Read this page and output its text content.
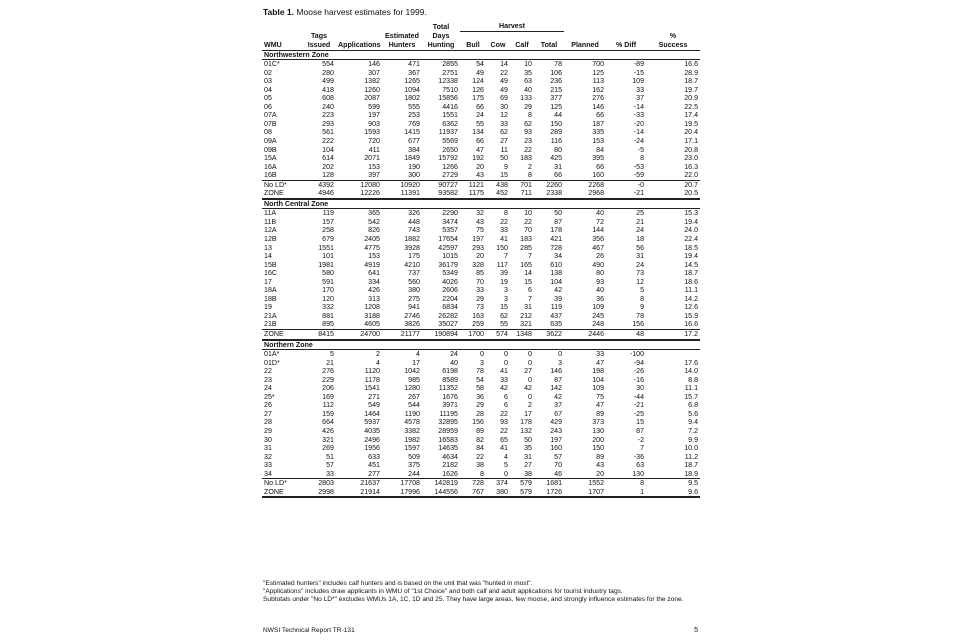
Table 1. Moose harvest estimates for 1999.
				Total	Harvest						
	Tags		Estimated	Days							%
WMU	Issued	Applications	Hunters	Hunting	Bull	Cow	Calf	Total	Planned	% Diff	Success
Northwestern Zone											
01C*	554	146	471	2855	54	14	10	78	700	-89	16.6
02	280	307	367	2751	49	22	35	106	125	-15	28.9
03	499	1382	1265	12338	124	49	63	236	113	109	18.7
04	418	1260	1094	7510	126	49	40	215	162	33	19.7
05	608	2087	1802	15856	175	69	133	377	276	37	20.9
06	240	599	555	4416	66	30	29	125	146	-14	22.5
07A	223	197	253	1551	24	12	8	44	66	-33	17.4
07B	293	903	769	6362	55	33	62	150	187	-20	19.5
08	561	1593	1415	11937	134	62	93	289	335	-14	20.4
09A	222	720	677	5569	66	27	23	116	153	-24	17.1
09B	104	411	384	2650	47	11	22	80	84	-5	20.8
15A	614	2071	1849	15792	192	50	183	425	395	8	23.0
16A	202	153	190	1266	20	9	2	31	66	-53	16.3
16B	128	397	300	2729	43	15	8	66	160	-59	22.0
No LD*	4392	12080	10920	90727	1121	438	701	2260	2268	-0	20.7
ZONE	4946	12226	11391	93582	1175	452	711	2338	2968	-21	20.5

North Central Zone											
11A	119	365	326	2290	32	8	10	50	40	25	15.3
11B	157	542	448	3474	43	22	22	87	72	21	19.4
12A	258	826	743	5357	75	33	70	178	144	24	24.0
12B	679	2405	1882	17654	197	41	183	421	356	18	22.4
13	1551	4775	3928	42597	293	150	285	728	467	56	18.5
14	101	153	175	1015	20	7	7	34	26	31	19.4
15B	1981	4919	4210	36179	328	117	165	610	490	24	14.5
16C	580	641	737	5349	85	39	14	138	80	73	18.7
17	591	334	560	4026	70	19	15	104	93	12	18.6
18A	170	426	380	2606	33	3	6	42	40	5	11.1
18B	120	313	275	2204	29	3	7	39	36	8	14.2
19	332	1208	941	6834	73	15	31	119	109	9	12.6
21A	881	3188	2746	26282	163	62	212	437	245	78	15.9
21B	895	4605	3826	35027	259	55	321	635	248	156	16.6
ZONE	8415	24700	21177	190894	1700	574	1348	3622	2446	48	17.2

Northern Zone											
01A*	5	2	4	24	0	0	0	0	33	-100	
01D*	21	4	17	40	3	0	0	3	47	-94	17.6
22	276	1120	1042	6198	78	41	27	146	198	-26	14.0
23	229	1178	985	8589	54	33	0	87	104	-16	8.8
24	206	1541	1280	11352	58	42	42	142	109	30	11.1
25*	169	271	267	1676	36	6	0	42	75	-44	15.7
26	112	549	544	3971	29	6	2	37	47	-21	6.8
27	159	1464	1190	11195	28	22	17	67	89	-25	5.6
28	664	5937	4578	32895	156	93	178	429	373	15	9.4
29	426	4035	3382	28959	89	22	132	243	130	87	7.2
30	321	2496	1982	16583	82	65	50	197	200	-2	9.9
31	269	1956	1597	14635	84	41	35	160	150	7	10.0
32	51	633	509	4634	22	4	31	57	89	-36	11.2
33	57	451	375	2182	38	5	27	70	43	63	18.7
34	33	277	244	1626	8	0	38	46	20	130	18.9
No LD*	2803	21637	17708	142819	728	374	579	1681	1552	8	9.5
ZONE	2998	21914	17996	144556	767	380	579	1726	1707	1	9.6

"Estimated hunters" includes calf hunters and is based on the unit that was "hunted in most".
"Applications" includes draw applicants in WMU of "1st Choice" and both calf and adult applications for tourist industry tags.
Subtotals under "No LD*" excludes WMUs 1A, 1C, 1D and 25. They have large areas, few moose, and strongly influence estimates for the zone.
NWSI Technical Report TR-131	5
